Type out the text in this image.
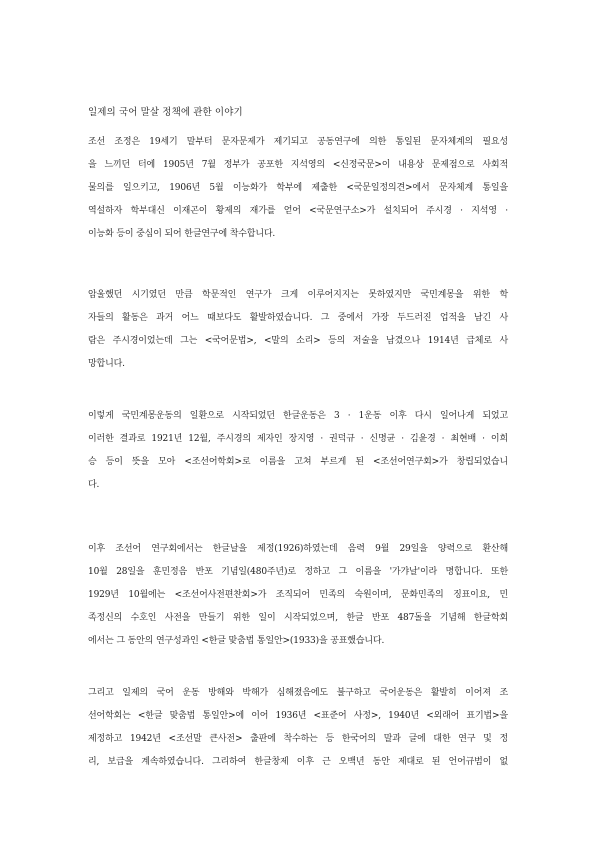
일제의 국어 말살 정책에 관한 이야기
조선 조정은 19세기 말부터 문자문제가 제기되고 공동연구에 의한 통일된 문자체계의 필요성
을 느끼던 터에 1905년 7월 정부가 공포한 지석영의 <신정국문>이 내용상 문제점으로 사회적
물의를 일으키고, 1906년 5월 이능화가 학부에 제출한 <국문일정의견>에서 문자체계 통일을
역설하자 학부대신 이재곤이 황제의 재가를 얻어 <국문연구소>가 설치되어 주시경 · 지석영 ·
이능화 등이 중심이 되어 한글연구에 착수합니다.
암울했던 시기였던 만큼 학문적인 연구가 크게 이루어지지는 못하였지만 국민계몽을 위한 학
자들의 활동은 과거 어느 때보다도 활발하였습니다. 그 중에서 가장 두드러진 업적을 남긴 사
람은 주시경이었는데 그는 <국어문법>, <말의 소리> 등의 저술을 남겼으나 1914년 급체로 사
망합니다.
이렇게 국민계몽운동의 일환으로 시작되었던 한글운동은 3 · 1운동 이후 다시 일어나게 되었고
이러한 결과로 1921년 12월, 주시경의 제자인 장지영 · 권덕규 · 신명균 · 김윤경 · 최현배 · 이희
승 등이 뜻을 모아 <조선어학회>로 이름을 고쳐 부르게 된 <조선어연구회>가 창립되었습니
다.
이후 조선어 연구회에서는 한글날을 제정(1926)하였는데 음력 9월 29일을 양력으로 환산해
10월 28일을 훈민정음 반포 기념일(480주년)로 정하고 그 이름을 '가갸날'이라 명합니다. 또한
1929년 10월에는 <조선어사전편찬회>가 조직되어 민족의 숙원이며, 문화민족의 징표이요, 민
족정신의 수호인 사전을 만들기 위한 일이 시작되었으며, 한글 반포 487돌을 기념해 한글학회
에서는 그 동안의 연구성과인 <한글 맞춤법 통일안>(1933)을 공표했습니다.
그리고 일제의 국어 운동 방해와 박해가 심해졌음에도 불구하고 국어운동은 활발히 이어져 조
선어학회는 <한글 맞춤법 통일안>에 이어 1936년 <표준어 사정>, 1940년 <외래어 표기법>을
제정하고 1942년 <조선말 큰사전> 출판에 착수하는 등 한국어의 말과 글에 대한 연구 및 정
리, 보급을 계속하였습니다. 그리하여 한글창제 이후 근 오백년 동안 제대로 된 언어규범이 없
